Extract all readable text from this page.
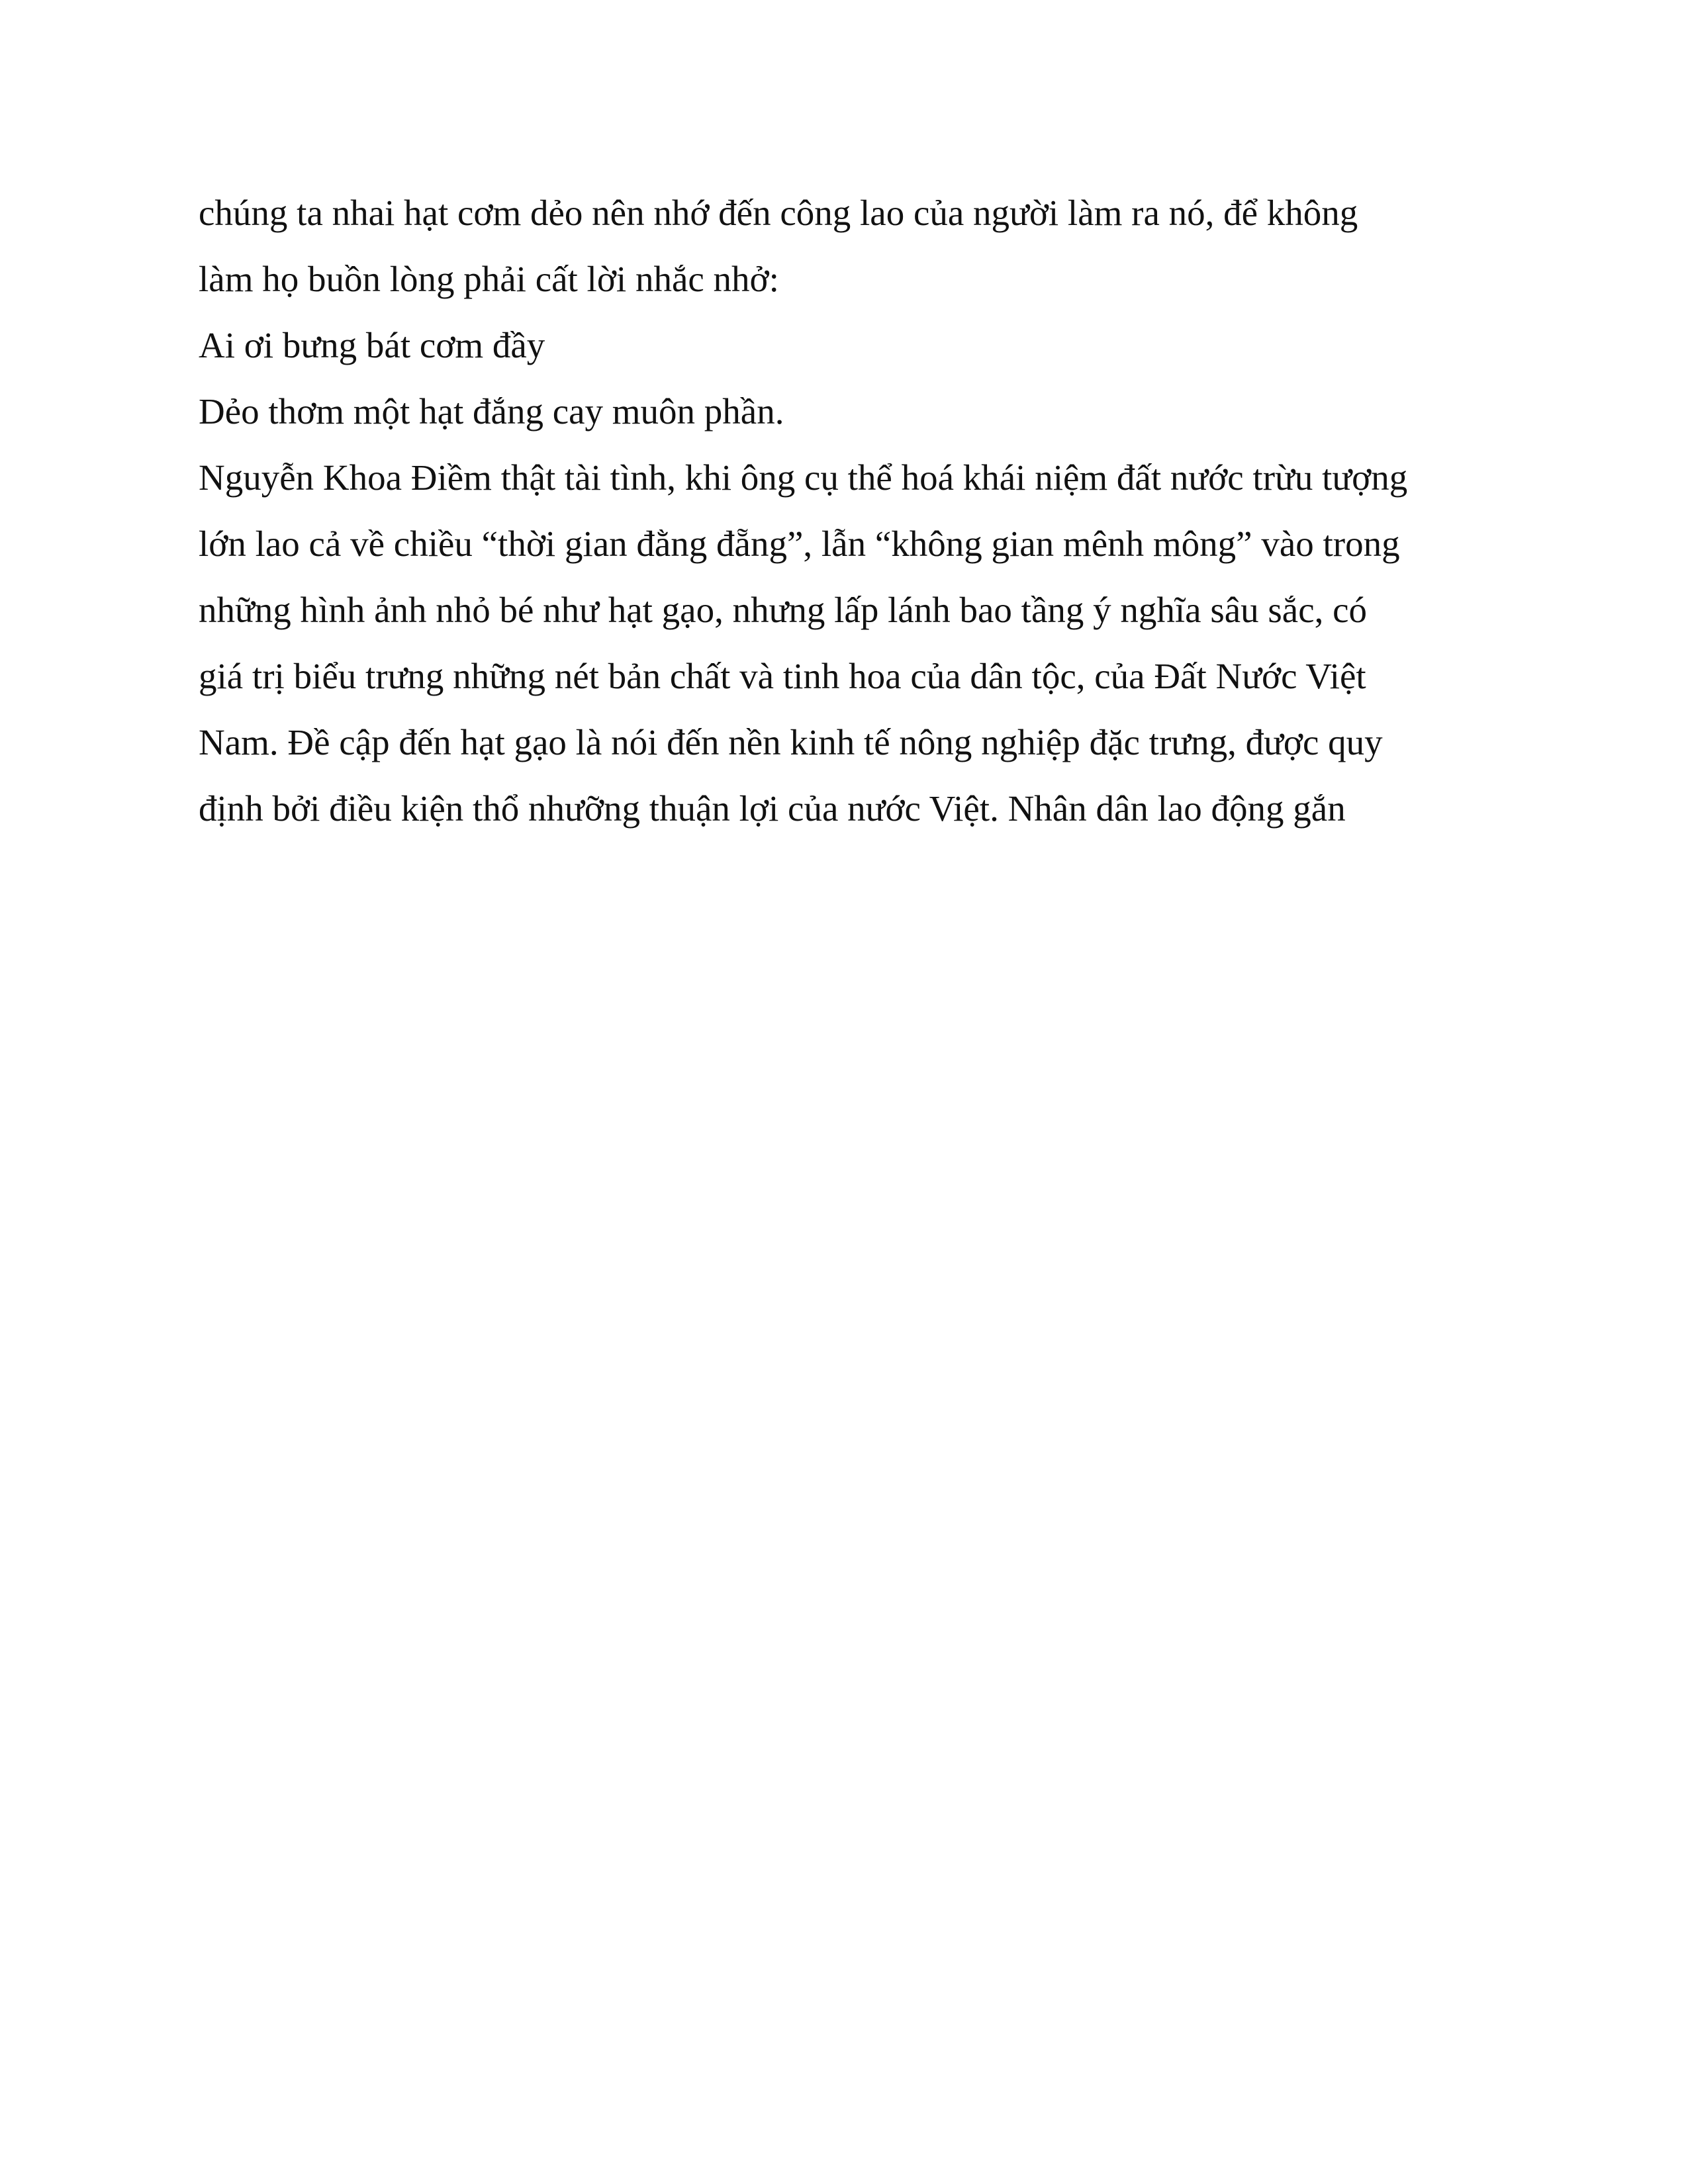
chúng ta nhai hạt cơm dẻo nên nhớ đến công lao của người làm ra nó, để không
làm họ buồn lòng phải cất lời nhắc nhở:
Ai ơi bưng bát cơm đầy
Dẻo thơm một hạt đắng cay muôn phần.
Nguyễn Khoa Điềm thật tài tình, khi ông cụ thể hoá khái niệm đất nước trừu tượng
lớn lao cả về chiều “thời gian đằng đẵng”, lẫn “không gian mênh mông” vào trong
những hình ảnh nhỏ bé như hạt gạo, nhưng lấp lánh bao tầng ý nghĩa sâu sắc, có
giá trị biểu trưng những nét bản chất và tinh hoa của dân tộc, của Đất Nước Việt
Nam. Đề cập đến hạt gạo là nói đến nền kinh tế nông nghiệp đặc trưng, được quy
định bởi điều kiện thổ nhưỡng thuận lợi của nước Việt. Nhân dân lao động gắn
